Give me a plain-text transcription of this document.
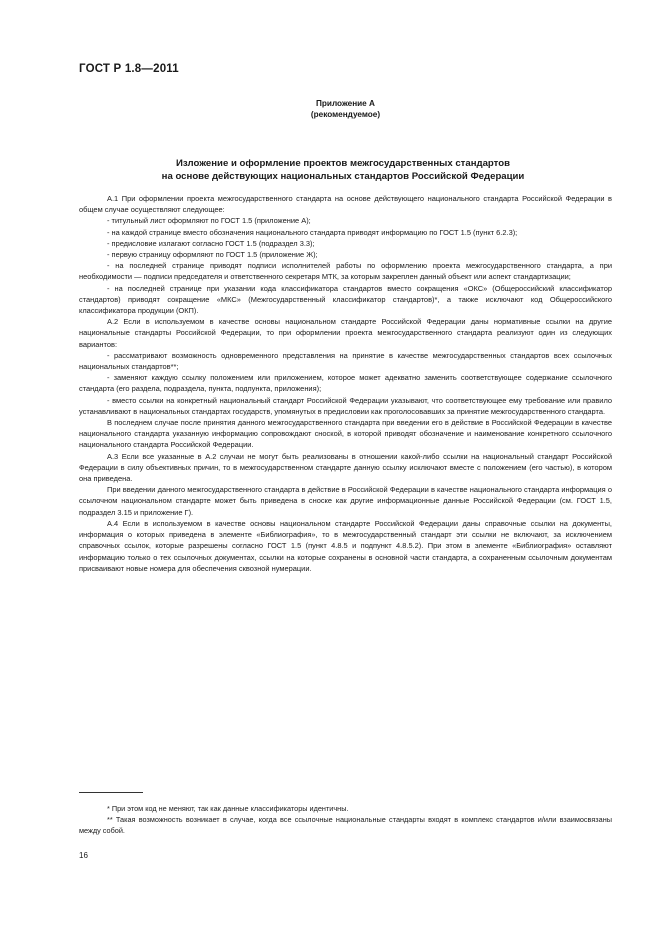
ГОСТ Р 1.8—2011
Приложение А
(рекомендуемое)
Изложение и оформление проектов межгосударственных стандартов
на основе действующих национальных стандартов Российской Федерации

А.1 При оформлении проекта межгосударственного стандарта на основе действующего национального стандарта Российской Федерации в общем случае осуществляют следующее:

- титульный лист оформляют по ГОСТ 1.5 (приложение А);

- на каждой странице вместо обозначения национального стандарта приводят информацию по ГОСТ 1.5 (пункт 6.2.3);

- предисловие излагают согласно ГОСТ 1.5 (подраздел 3.3);

- первую страницу оформляют по ГОСТ 1.5 (приложение Ж);

- на последней странице приводят подписи исполнителей работы по оформлению проекта межгосударственного стандарта, а при необходимости — подписи председателя и ответственного секретаря МТК, за которым закреплен данный объект или аспект стандартизации;

- на последней странице при указании кода классификатора стандартов вместо сокращения «ОКС» (Общероссийский классификатор стандартов) приводят сокращение «МКС» (Межгосударственный классификатор стандартов)*, а также исключают код Общероссийского классификатора продукции (ОКП).

А.2 Если в используемом в качестве основы национальном стандарте Российской Федерации даны нормативные ссылки на другие национальные стандарты Российской Федерации, то при оформлении проекта межгосударственного стандарта реализуют один из следующих вариантов:

- рассматривают возможность одновременного представления на принятие в качестве межгосударственных стандартов всех ссылочных национальных стандартов**;

- заменяют каждую ссылку положением или приложением, которое может адекватно заменить соответствующее содержание ссылочного стандарта (его раздела, подраздела, пункта, подпункта, приложения);

- вместо ссылки на конкретный национальный стандарт Российской Федерации указывают, что соответствующее ему требование или правило устанавливают в национальных стандартах государств, упомянутых в предисловии как проголосовавших за принятие межгосударственного стандарта.

В последнем случае после принятия данного межгосударственного стандарта при введении его в действие в Российской Федерации в качестве национального стандарта указанную информацию сопровождают сноской, в которой приводят обозначение и наименование конкретного ссылочного национального стандарта Российской Федерации.

А.3 Если все указанные в А.2 случаи не могут быть реализованы в отношении какой-либо ссылки на национальный стандарт Российской Федерации в силу объективных причин, то в межгосударственном стандарте данную ссылку исключают вместе с положением (его частью), в котором она приведена.

При введении данного межгосударственного стандарта в действие в Российской Федерации в качестве национального стандарта информация о ссылочном национальном стандарте может быть приведена в сноске как другие информационные данные Российской Федерации (см. ГОСТ 1.5, подраздел 3.15 и приложение Г).

А.4 Если в используемом в качестве основы национальном стандарте Российской Федерации даны справочные ссылки на документы, информация о которых приведена в элементе «Библиография», то в межгосударственный стандарт эти ссылки не включают, за исключением справочных ссылок, которые разрешены согласно ГОСТ 1.5 (пункт 4.8.5 и подпункт 4.8.5.2). При этом в элементе «Библиография» оставляют информацию только о тех ссылочных документах, ссылки на которые сохранены в основной части стандарта, а сохраненным ссылочным документам присваивают новые номера для обеспечения сквозной нумерации.

* При этом код не меняют, так как данные классификаторы идентичны.

** Такая возможность возникает в случае, когда все ссылочные национальные стандарты входят в комплекс стандартов и/или взаимосвязаны между собой.

16
